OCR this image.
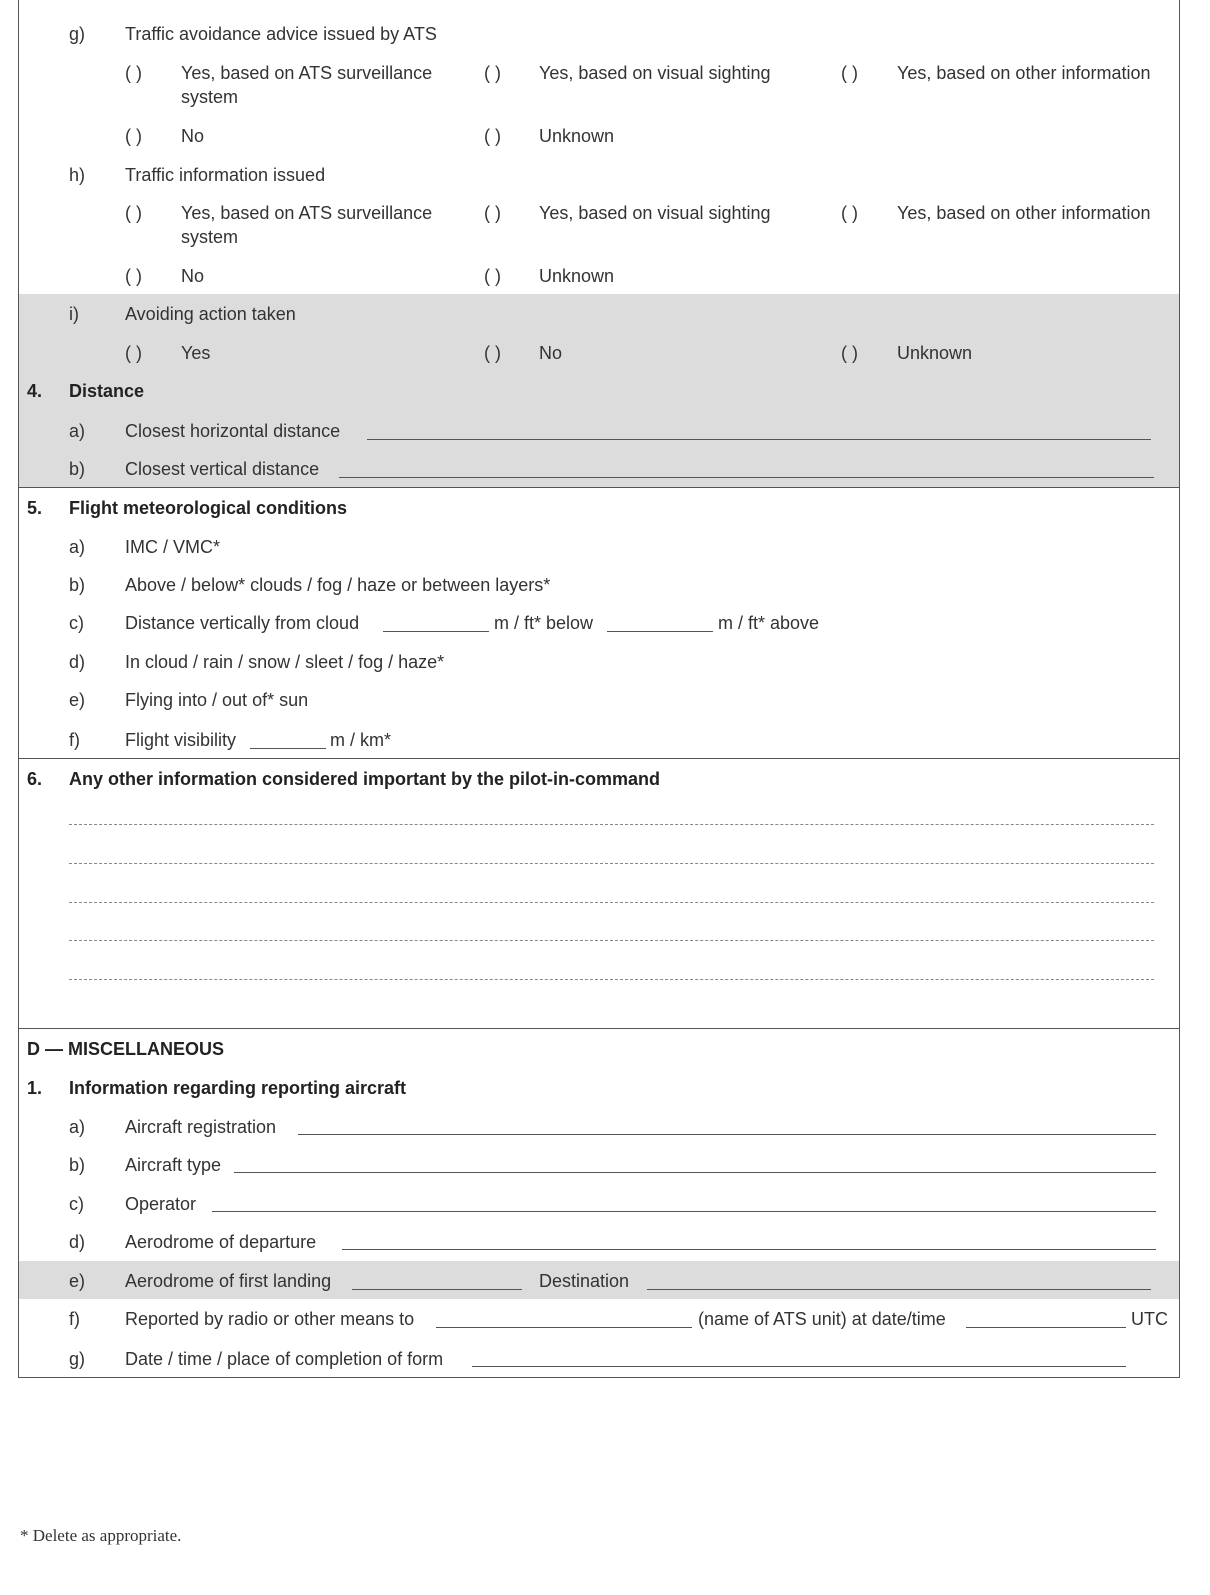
g) Traffic avoidance advice issued by ATS
( ) Yes, based on ATS surveillance
system
( ) Yes, based on visual sighting	( ) Yes, based on other information
( ) No	( ) Unknown
h) Traffic information issued
( ) Yes, based on ATS surveillance
system
( ) Yes, based on visual sighting	( ) Yes, based on other information
( ) No	( ) Unknown
i)	Avoiding action taken
( ) Yes	( ) No	( ) Unknown
4. Distance
a) Closest horizontal distance
b) Closest vertical distance
5. Flight meteorological conditions
a) IMC / VMC*
b) Above / below* clouds / fog / haze or between layers*
c) Distance vertically from cloud	m / ft* below	m / ft* above
d) In cloud / rain / snow / sleet / fog / haze*
e) Flying into / out of* sun
f)	Flight visibility	m / km*
6. Any other information considered important by the pilot-in-command
D — MISCELLANEOUS
1. Information regarding reporting aircraft
a) Aircraft registration
b) Aircraft type
c) Operator
d) Aerodrome of departure
e) Aerodrome of first landing	Destination
f)	Reported by radio or other means to	(name of ATS unit) at date/time	UTC
g) Date / time / place of completion of form
* Delete as appropriate.
